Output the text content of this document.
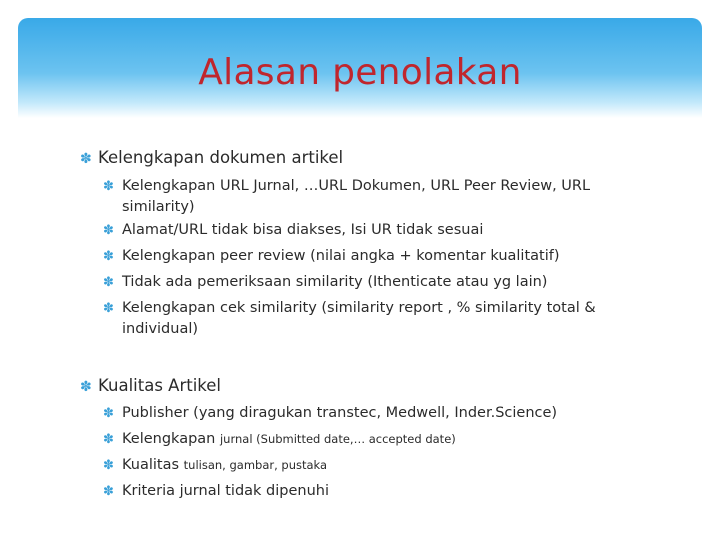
Alasan penolakan
✽ Kelengkapan dokumen artikel
✽ Kelengkapan URL Jurnal, …URL Dokumen, URL Peer Review, URL
similarity)
✽ Alamat/URL tidak bisa diakses, Isi UR tidak sesuai
✽ Kelengkapan peer review (nilai angka + komentar kualitatif)
✽ Tidak ada pemeriksaan similarity (Ithenticate atau yg lain)
✽ Kelengkapan cek similarity (similarity report , % similarity total &
individual)
✽ Kualitas Artikel
✽ Publisher (yang diragukan transtec, Medwell, Inder.Science)
✽ Kelengkapan jurnal (Submitted date,… accepted date)
✽ Kualitas tulisan, gambar, pustaka
✽ Kriteria jurnal tidak dipenuhi
